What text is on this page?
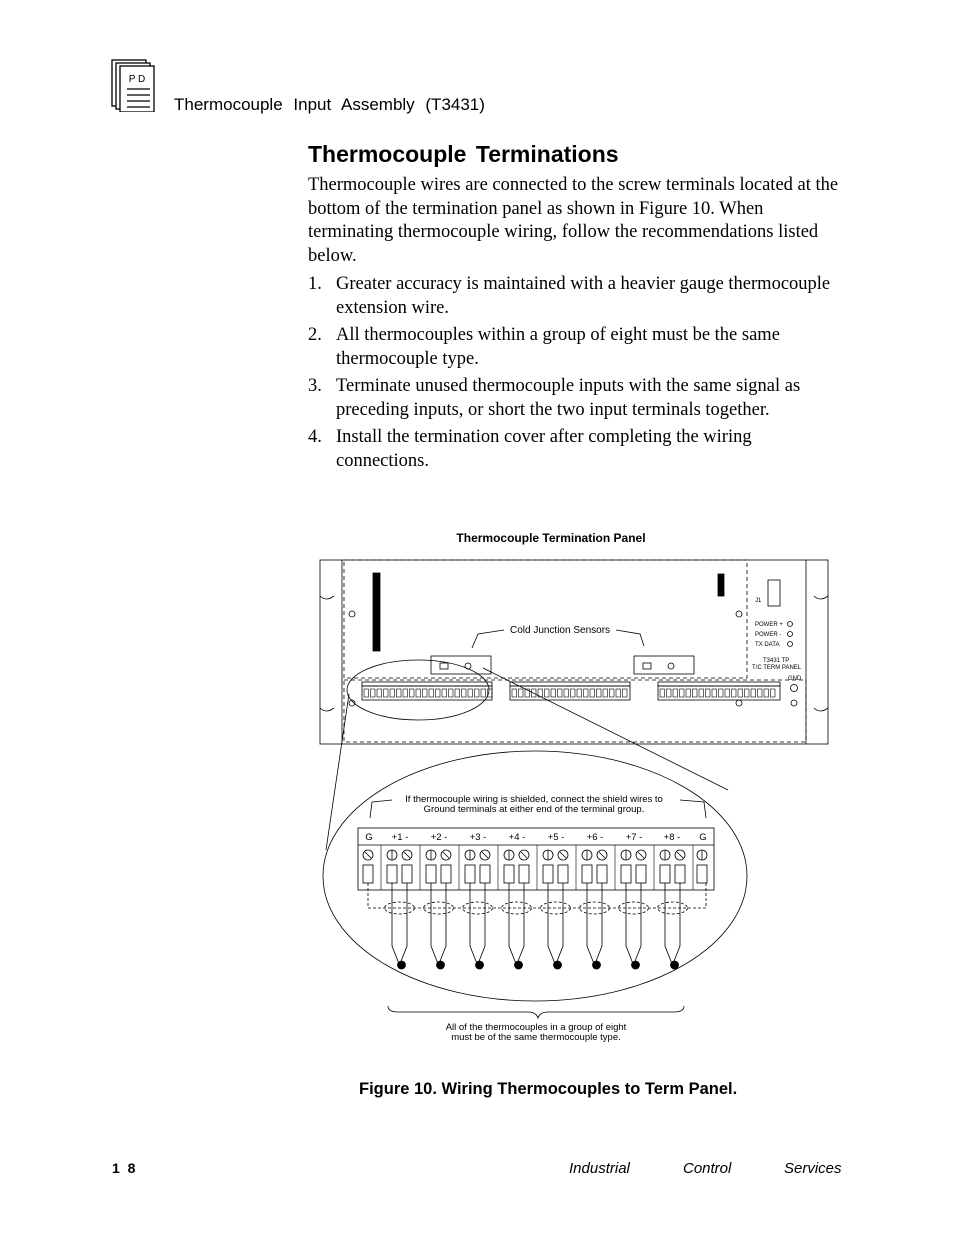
P D
Thermocouple Input Assembly (T3431)
Thermocouple Terminations
Thermocouple wires are connected to the screw terminals located at the bottom of the termination panel as shown in Figure 10. When terminating thermocouple wiring, follow the recommendations listed below.
1. Greater accuracy is maintained with a heavier gauge thermocouple extension wire.
2. All thermocouples within a group of eight must be the same thermocouple type.
3. Terminate unused thermocouple inputs with the same signal as preceding inputs, or short the two input terminals together.
4. Install the termination cover after completing the wiring connections.
Thermocouple Termination Panel
J1
POWER +
POWER -
TX DATA
T3431 TP
T/C TERM PANEL
GND
Cold Junction Sensors
If thermocouple wiring is shielded, connect the shield wires to
Ground terminals at either end of the terminal group.
G +1 - +2 - +3 - +4 - +5 - +6 - +7 - +8 - G
All of the thermocouples in a group of eight
must be of the same thermocouple type.
Figure 10. Wiring Thermocouples to Term Panel.
1 8	Industrial	Control	Services
